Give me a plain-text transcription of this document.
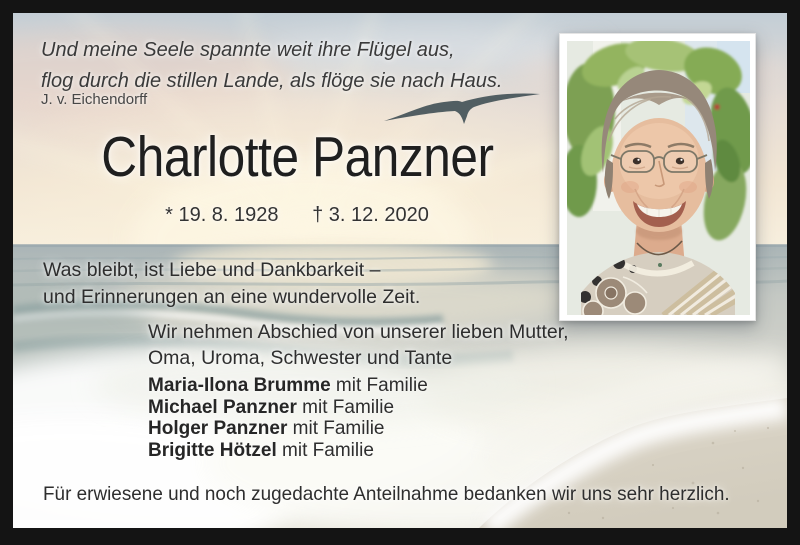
Und meine Seele spannte weit ihre Flügel aus,
flog durch die stillen Lande, als flöge sie nach Haus.
J. v. Eichendorff
Charlotte Panzner
* 19. 8. 1928 † 3. 12. 2020
Was bleibt, ist Liebe und Dankbarkeit –
und Erinnerungen an eine wundervolle Zeit.
Wir nehmen Abschied von unserer lieben Mutter,
Oma, Uroma, Schwester und Tante
Maria-Ilona Brumme mit Familie
Michael Panzner mit Familie
Holger Panzner mit Familie
Brigitte Hötzel mit Familie
Für erwiesene und noch zugedachte Anteilnahme bedanken wir uns sehr herzlich.
